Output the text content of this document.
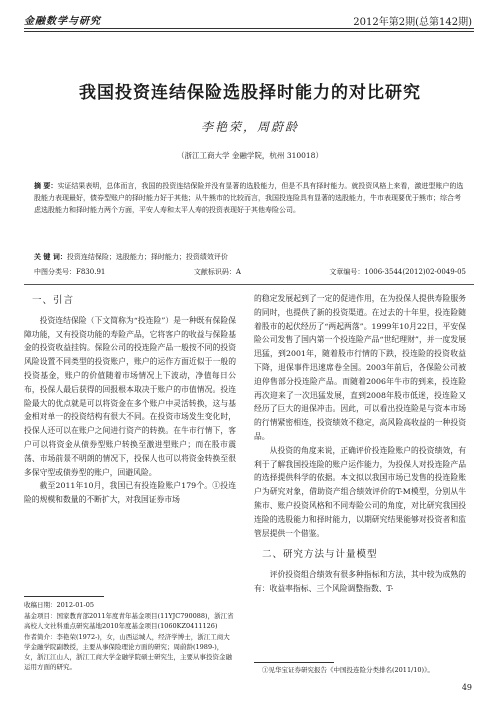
金融数学与研究	2012年第2期(总第142期)
我国投资连结保险选股择时能力的对比研究
李艳荣，周蔚龄
（浙江工商大学 金融学院，杭州 310018）
摘 要：实证结果表明，总体而言，我国的投资连结保险并没有显著的选股能力，但是不具有择时能力。就投资风格上来看，激进型账户的选股能力表现最好，债券型账户的择时能力好于其他；从牛熊市的比较而言，我国投连险具有显著的选股能力，牛市表现要优于熊市；综合考虑选股能力和择时能力两个方面，平安人寿和太平人寿的投资表现好于其他寿险公司。
关 键 词：投资连结保险；选股能力；择时能力；投资绩效评价
中图分类号：F830.91	文献标识码：A	文章编号：1006-3544(2012)02-0049-05
一、引言

投资连结保险（下文简称为“投连险”）是一种既有保险保障功能，又有投资功能的寿险产品，它将客户的收益与保险基金的投资收益挂钩。保险公司的投连险产品一般按不同的投资风险设置不同类型的投资账户，账户的运作方面近似于一般的投资基金，账户的价值随着市场情况上下波动，净值每日公布，投保人最后获得的回报根本取决于账户的市值情况。投连险最大的优点就是可以将资金在多个账户中灵活转换，这与基金相对单一的投资结构有很大不同。在投资市场发生变化时，投保人还可以在账户之间进行资产的转换。在牛市行情下，客户可以将资金从债券型账户转换至激进型账户；而在股市震荡、市场前景不明朗的情况下，投保人也可以将资金转换至很多保守型或债券型的账户，回避风险。

截至2011年10月，我国已有投连险账户179个。①投连险的规模和数量的不断扩大，对我国证券市场

收稿日期：2012-01-05

基金项目：国家教育部2011年度青年基金项目(11YJC790088)，浙江省高校人文社科重点研究基地2010年度基金项目(1060KZ0411126)

作者简介：李艳荣(1972-)，女，山西运城人，经济学博士，浙江工商大学金融学院副教授，主要从事保险理论方面的研究；周蔚龄(1989-)，女，浙江江山人，浙江工商大学金融学院硕士研究生，主要从事投资金融运用方面的研究。

的稳定发展起到了一定的促进作用，在为投保人提供寿险服务的同时，也提供了新的投资渠道。在过去的十年里，投连险随着股市的起伏经历了“两起两落”。1999年10月22日，平安保险公司发售了国内第一个投连险产品“世纪理财”，并一度发展迅猛，到2001年，随着股市行情的下跌，投连险的投资收益下降，退保事件迅速席卷全国。2003年前后，各保险公司被迫停售部分投连险产品。而随着2006年牛市的到来，投连险再次迎来了一次迅猛发展，直到2008年股市低迷，投连险又经历了巨大的退保冲击。因此，可以看出投连险是与资本市场的行情紧密相连，投资绩效不稳定，高风险高收益的一种投资品。

从投资的角度来说，正确评价投连险账户的投资绩效，有利于了解我国投连险的账户运作能力，为投保人对投连险产品的选择提供科学的依据。本文拟以我国市场已发售的投连险账户为研究对象，借助资产组合绩效评价的T-M模型，分别从牛熊市、账户投资风格和不同寿险公司的角度，对比研究我国投连险的选股能力和择时能力，以期研究结果能够对投资者和监管层提供一个借鉴。

二、研究方法与计量模型

评价投资组合绩效有很多种指标和方法，其中较为成熟的有：收益率指标、三个风险调整指数、T-

①见华宝证券研究报告《中国投连险分类排名(2011/10)》。
49
